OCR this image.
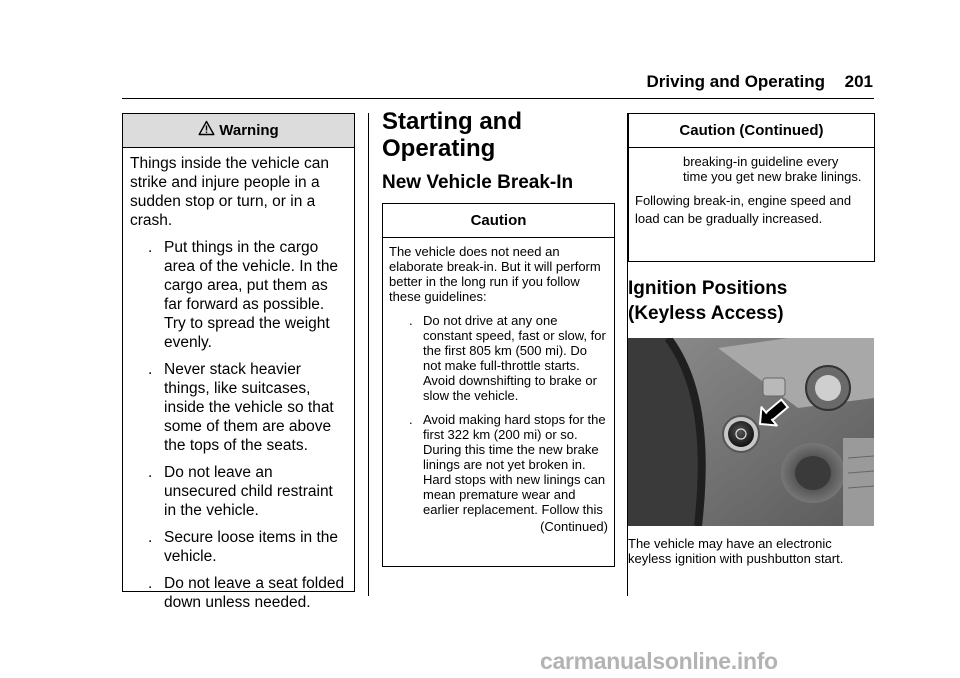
Driving and Operating 201
Warning
Things inside the vehicle can strike and injure people in a sudden stop or turn, or in a crash.
. Put things in the cargo area of the vehicle. In the cargo area, put them as far forward as possible. Try to spread the weight evenly.
. Never stack heavier things, like suitcases, inside the vehicle so that some of them are above the tops of the seats.
. Do not leave an unsecured child restraint in the vehicle.
. Secure loose items in the vehicle.
. Do not leave a seat folded down unless needed.
Starting and
Operating
New Vehicle Break-In
Caution
The vehicle does not need an elaborate break-in. But it will perform better in the long run if you follow these guidelines:
. Do not drive at any one constant speed, fast or slow, for the first 805 km (500 mi). Do not make full-throttle starts. Avoid downshifting to brake or slow the vehicle.
. Avoid making hard stops for the first 322 km (200 mi) or so. During this time the new brake linings are not yet broken in. Hard stops with new linings can mean premature wear and earlier replacement. Follow this
(Continued)
Caution (Continued)
breaking-in guideline every time you get new brake linings.
Following break-in, engine speed and load can be gradually increased.
Ignition Positions
(Keyless Access)
The vehicle may have an electronic keyless ignition with pushbutton start.
carmanualsonline.info
